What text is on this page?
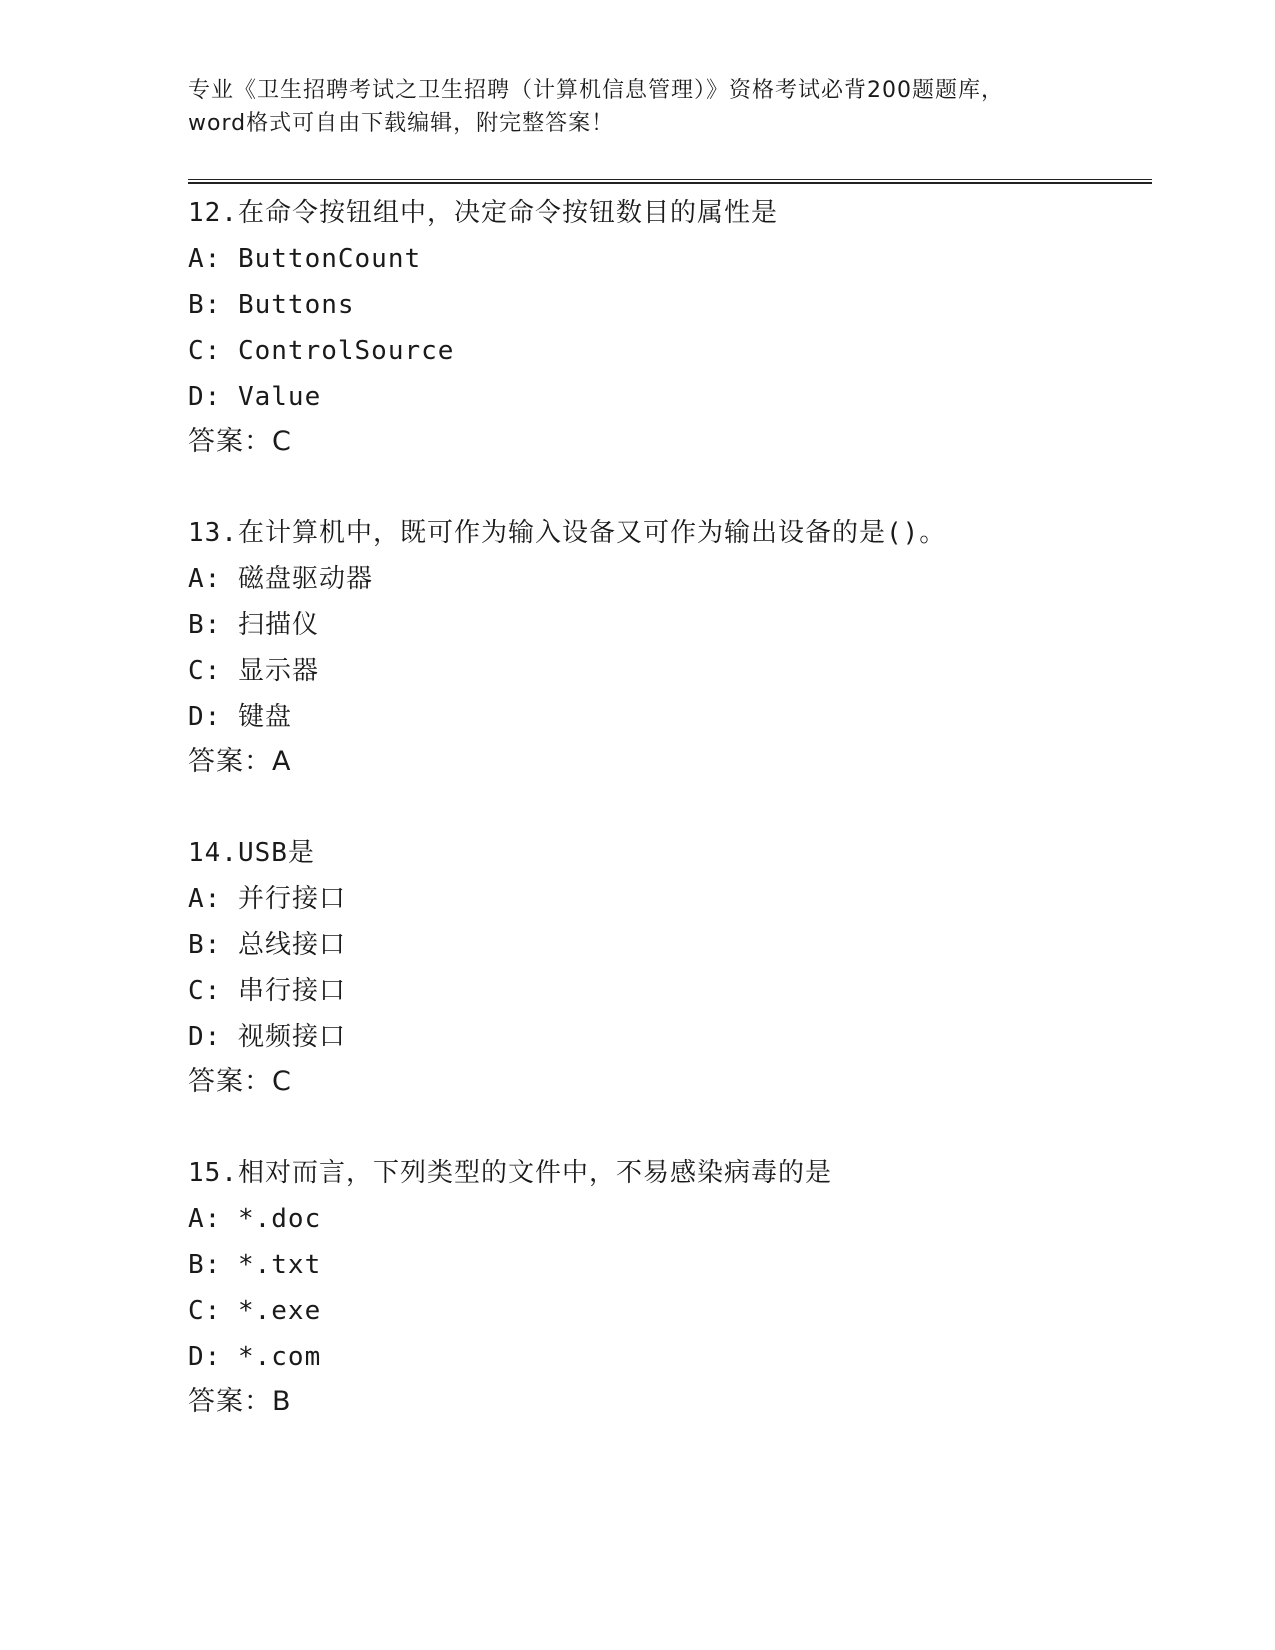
专业《卫生招聘考试之卫生招聘（计算机信息管理）》资格考试必背200题题库，

word格式可自由下载编辑，附完整答案！

12.在命令按钮组中，决定命令按钮数目的属性是

A: ButtonCount

B: Buttons

C: ControlSource

D: Value

答案：C

13.在计算机中，既可作为输入设备又可作为输出设备的是()。

A: 磁盘驱动器

B: 扫描仪

C: 显示器

D: 键盘

答案：A

14.USB是

A: 并行接口

B: 总线接口

C: 串行接口

D: 视频接口

答案：C

15.相对而言，下列类型的文件中，不易感染病毒的是

A: *.doc

B: *.txt

C: *.exe

D: *.com

答案：B
